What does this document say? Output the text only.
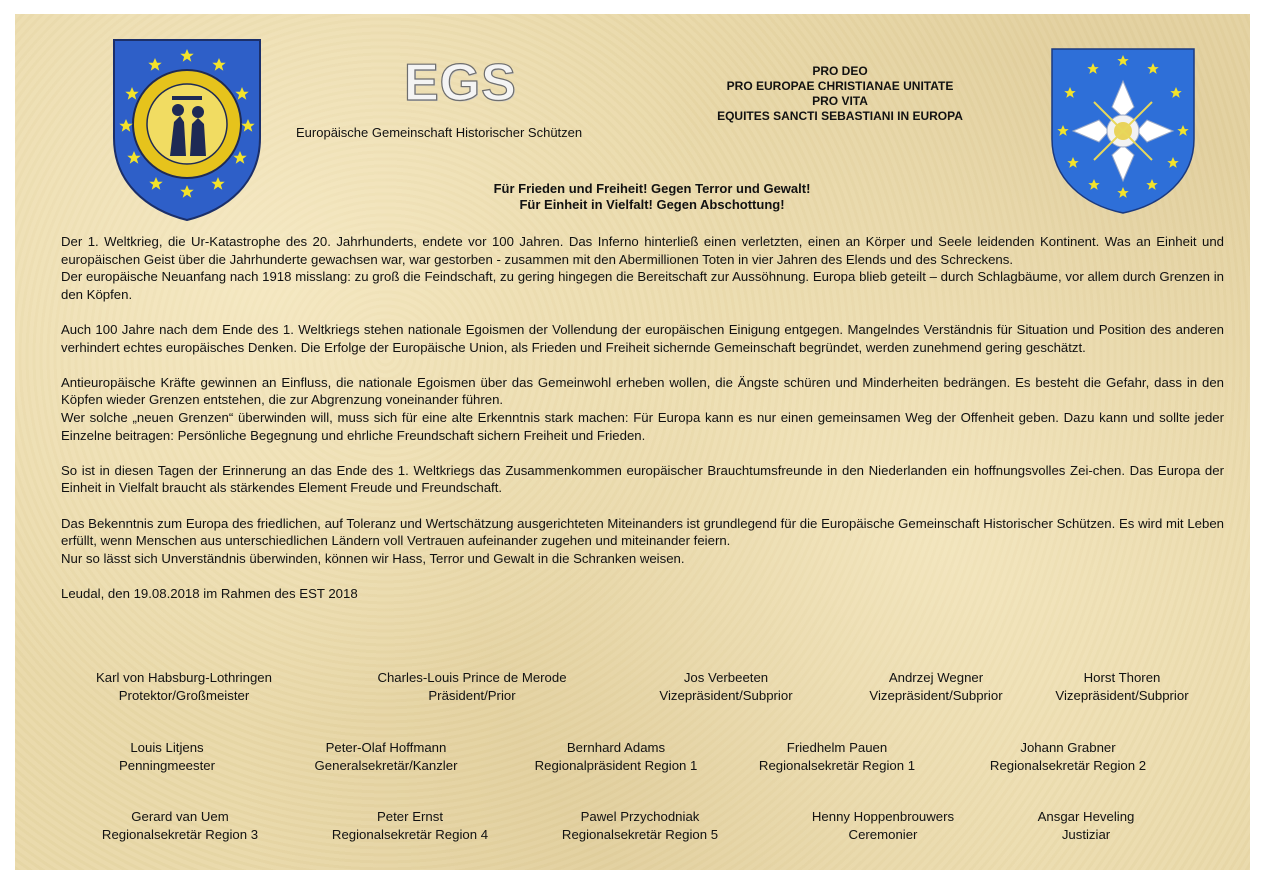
EGS
Europäische Gemeinschaft Historischer Schützen
PRO DEO
PRO EUROPAE CHRISTIANAE UNITATE
PRO VITA
EQUITES SANCTI SEBASTIANI IN EUROPA
Für Frieden und Freiheit! Gegen Terror und Gewalt!
Für Einheit in Vielfalt! Gegen Abschottung!

Der 1. Weltkrieg, die Ur-Katastrophe des 20. Jahrhunderts, endete vor 100 Jahren. Das Inferno hinterließ einen verletzten, einen an Körper und Seele leidenden Kontinent. Was an Einheit und europäischen Geist über die Jahrhunderte gewachsen war, war gestorben - zusammen mit den Abermillionen Toten in vier Jahren des Elends und des Schreckens.
Der europäische Neuanfang nach 1918 misslang: zu groß die Feindschaft, zu gering hingegen die Bereitschaft zur Aussöhnung. Europa blieb geteilt – durch Schlagbäume, vor allem durch Grenzen in den Köpfen.

Auch 100 Jahre nach dem Ende des 1. Weltkriegs stehen nationale Egoismen der Vollendung der europäischen Einigung entgegen. Mangelndes Verständnis für Situation und Position des anderen verhindert echtes europäisches Denken. Die Erfolge der Europäische Union, als Frieden und Freiheit sichernde Gemeinschaft begründet, werden zunehmend gering geschätzt.

Antieuropäische Kräfte gewinnen an Einfluss, die nationale Egoismen über das Gemeinwohl erheben wollen, die Ängste schüren und Minderheiten bedrängen. Es besteht die Gefahr, dass in den Köpfen wieder Grenzen entstehen, die zur Abgrenzung voneinander führen.
Wer solche „neuen Grenzen“ überwinden will, muss sich für eine alte Erkenntnis stark machen: Für Europa kann es nur einen gemeinsamen Weg der Offenheit geben. Dazu kann und sollte jeder Einzelne beitragen: Persönliche Begegnung und ehrliche Freundschaft sichern Freiheit und Frieden.

So ist in diesen Tagen der Erinnerung an das Ende des 1. Weltkriegs das Zusammenkommen europäischer Brauchtumsfreunde in den Niederlanden ein hoffnungsvolles Zei-chen. Das Europa der Einheit in Vielfalt braucht als stärkendes Element Freude und Freundschaft.

Das Bekenntnis zum Europa des friedlichen, auf Toleranz und Wertschätzung ausgerichteten Miteinanders ist grundlegend für die Europäische Gemeinschaft Historischer Schützen. Es wird mit Leben erfüllt, wenn Menschen aus unterschiedlichen Ländern voll Vertrauen aufeinander zugehen und miteinander feiern.
Nur so lässt sich Unverständnis überwinden, können wir Hass, Terror und Gewalt in die Schranken weisen.

Leudal, den 19.08.2018 im Rahmen des EST 2018

Karl von Habsburg-Lothringen
Protektor/Großmeister
Charles-Louis Prince de Merode
Präsident/Prior
Jos Verbeeten
Vizepräsident/Subprior
Andrzej Wegner
Vizepräsident/Subprior
Horst Thoren
Vizepräsident/Subprior
Louis Litjens
Penningmeester
Peter-Olaf Hoffmann
Generalsekretär/Kanzler
Bernhard Adams
Regionalpräsident Region 1
Friedhelm Pauen
Regionalsekretär Region 1
Johann Grabner
Regionalsekretär Region 2
Gerard van Uem
Regionalsekretär Region 3
Peter Ernst
Regionalsekretär Region 4
Pawel Przychodniak
Regionalsekretär Region 5
Henny Hoppenbrouwers
Ceremonier
Ansgar Heveling
Justiziar
